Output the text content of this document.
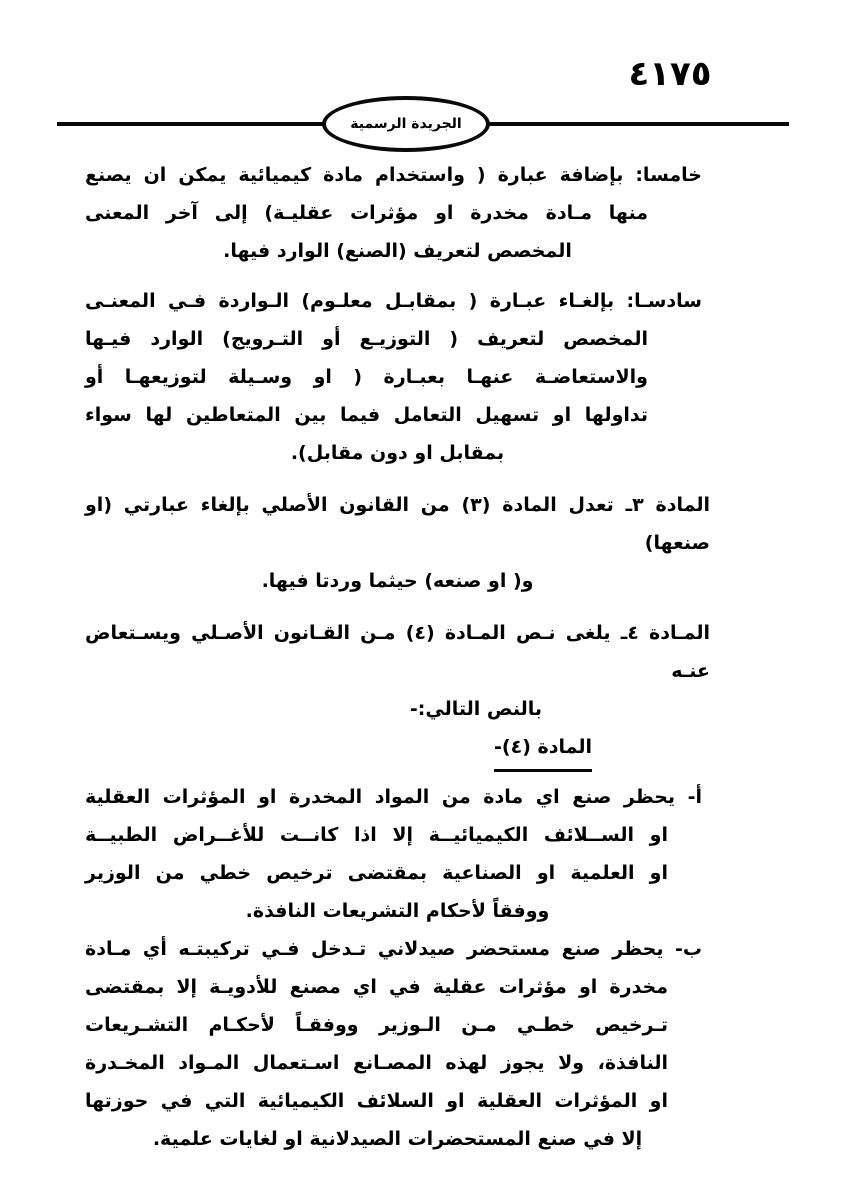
٤١٧٥
الجريدة الرسمية
خامسا: بإضافة عبارة ( واستخدام مادة كيميائية يمكن ان يصنع
منها مـادة مخدرة او مؤثرات عقليـة) إلى آخر المعنى
المخصص لتعريف (الصنع) الوارد فيها.
سادسـا: بإلغـاء عبـارة ( بمقابـل معلـوم) الـواردة فـي المعنـى
المخصص لتعريف ( التوزيـع أو التـرويج) الوارد فيـها
والاستعاضـة عنهـا بعبـارة ( او وسـيلة لتوزيعهـا أو
تداولها او تسهيل التعامل فيما بين المتعاطين لها سواء
بمقابل او دون مقابل).
المادة ٣ـ تعدل المادة (٣) من القانون الأصلي بإلغاء عبارتي (او صنعها)
و( او صنعه) حيثما وردتا فيها.
المـادة ٤ـ يلغى نـص المـادة (٤) مـن القـانون الأصـلي ويسـتعاض عنـه
بالنص التالي:-
المادة (٤)-
أ- يحظر صنع اي مادة من المواد المخدرة او المؤثرات العقلية
او الســلائف الكيميائيــة إلا اذا كانــت للأغــراض الطبيــة
او العلمية او الصناعية بمقتضى ترخيص خطي من الوزير
ووفقاً لأحكام التشريعات النافذة.
ب- يحظر صنع مستحضر صيدلاني تـدخل فـي تركيبتـه أي مـادة
مخدرة او مؤثرات عقلية في اي مصنع للأدويـة إلا بمقتضى
تـرخيص خطـي مـن الـوزير ووفقـاً لأحكـام التشـريعات
النافذة، ولا يجوز لهذه المصـانع اسـتعمال المـواد المخـدرة
او المؤثرات العقلية او السلائف الكيميائية التي في حوزتها
إلا في صنع المستحضرات الصيدلانية او لغايات علمية.
